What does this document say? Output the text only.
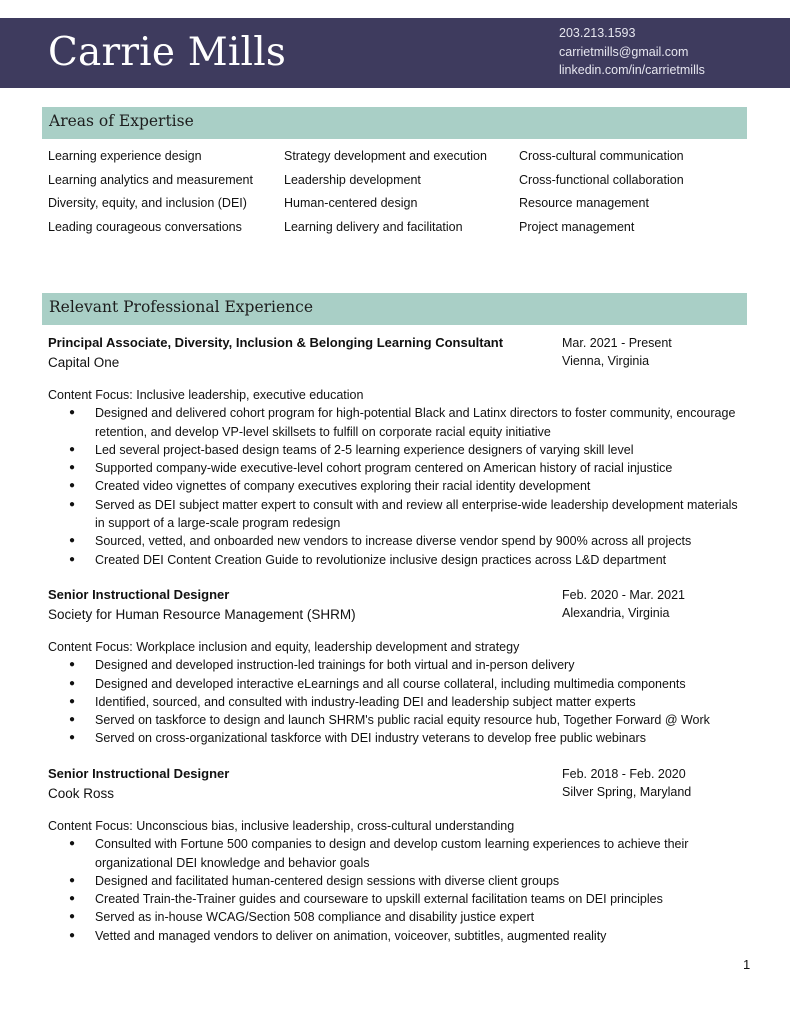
Carrie Mills	203.213.1593
carrietmills@gmail.com
linkedin.com/in/carrietmills
Areas of Expertise
Learning experience design	Strategy development and execution	Cross-cultural communication
Learning analytics and measurement	Leadership development	Cross-functional collaboration
Diversity, equity, and inclusion (DEI)	Human-centered design	Resource management
Leading courageous conversations	Learning delivery and facilitation	Project management
Relevant Professional Experience
Principal Associate, Diversity, Inclusion & Belonging Learning Consultant
Capital One
Mar. 2021 - Present
Vienna, Virginia
Content Focus: Inclusive leadership, executive education
● Designed and delivered cohort program for high-potential Black and Latinx directors to foster community, encourage retention, and develop VP-level skillsets to fulfill on corporate racial equity initiative
● Led several project-based design teams of 2-5 learning experience designers of varying skill level
● Supported company-wide executive-level cohort program centered on American history of racial injustice
● Created video vignettes of company executives exploring their racial identity development
● Served as DEI subject matter expert to consult with and review all enterprise-wide leadership development materials in support of a large-scale program redesign
● Sourced, vetted, and onboarded new vendors to increase diverse vendor spend by 900% across all projects
● Created DEI Content Creation Guide to revolutionize inclusive design practices across L&D department
Senior Instructional Designer
Society for Human Resource Management (SHRM)
Feb. 2020 - Mar. 2021
Alexandria, Virginia
Content Focus: Workplace inclusion and equity, leadership development and strategy
● Designed and developed instruction-led trainings for both virtual and in-person delivery
● Designed and developed interactive eLearnings and all course collateral, including multimedia components
● Identified, sourced, and consulted with industry-leading DEI and leadership subject matter experts
● Served on taskforce to design and launch SHRM's public racial equity resource hub, Together Forward @ Work
● Served on cross-organizational taskforce with DEI industry veterans to develop free public webinars
Senior Instructional Designer
Cook Ross
Feb. 2018 - Feb. 2020
Silver Spring, Maryland
Content Focus: Unconscious bias, inclusive leadership, cross-cultural understanding
● Consulted with Fortune 500 companies to design and develop custom learning experiences to achieve their organizational DEI knowledge and behavior goals
● Designed and facilitated human-centered design sessions with diverse client groups
● Created Train-the-Trainer guides and courseware to upskill external facilitation teams on DEI principles
● Served as in-house WCAG/Section 508 compliance and disability justice expert
● Vetted and managed vendors to deliver on animation, voiceover, subtitles, augmented reality
1
